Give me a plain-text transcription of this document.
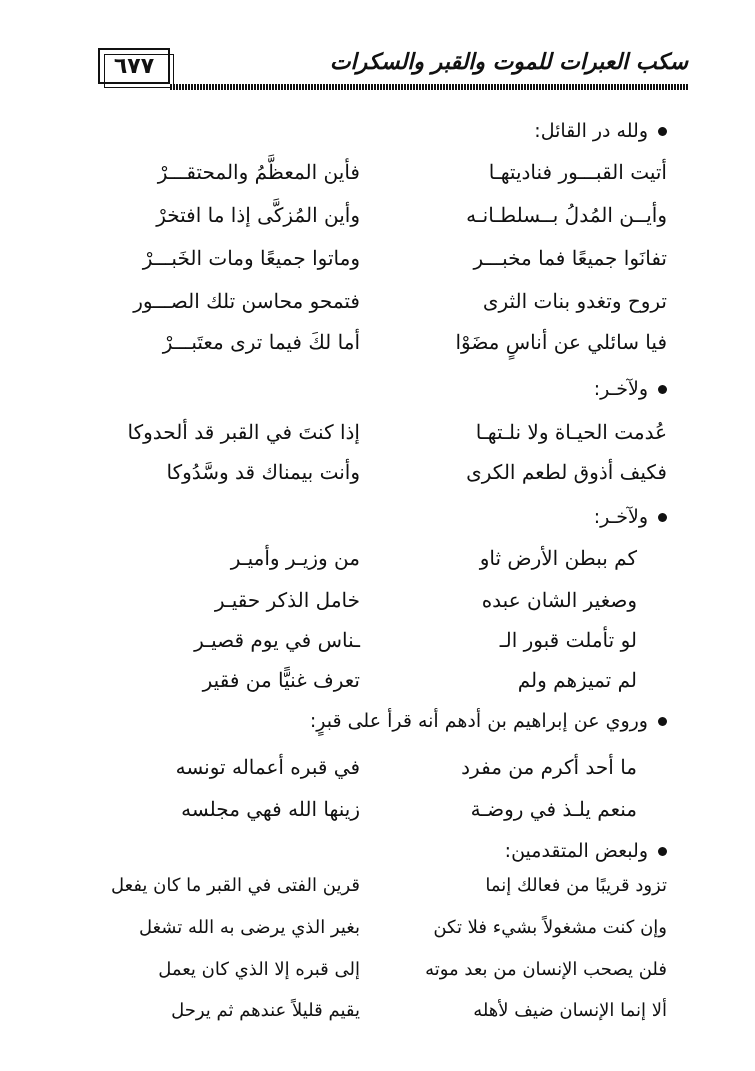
٦٧٧	سكب العبرات للموت والقبر والسكرات
ولله در القائل:
أتيت القبـــور فناديتهـا
فأين المعظَّمُ والمحتقـــرْ
وأيــن المُدلُ بــسلطـانـه
وأين المُزكَّى إذا ما افتخرْ
تفانَوا جميعًا فما مخبـــر
وماتوا جميعًا ومات الخَبـــرْ
تروح وتغدو بنات الثرى
فتمحو محاسن تلك الصـــور
فيا سائلي عن أناسٍ مضَوْا
أما لكَ فيما ترى معتَبـــرْ
ولآخـر:
عُدمت الحيـاة ولا نلـتهـا
إذا كنتَ في القبر قد ألحدوكا
فكيف أذوق لطعم الكرى
وأنت بيمناك قد وسَّدُوكا
ولآخـر:
كم ببطن الأرض ثاو
من وزيـر وأميـر
وصغير الشان عبده
خامل الذكر حقيـر
لو تأملت قبور الـ
ـناس في يوم قصيـر
لم تميزهم ولم
تعرف غنيًّا من فقير
وروي عن إبراهيم بن أدهم أنه قرأ على قبرٍ:
ما أحد أكرم من مفرد
في قبره أعماله تونسه
منعم يلـذ في روضـة
زينها الله فهي مجلسه
ولبعض المتقدمين:
تزود قريبًا من فعالك إنما
قرين الفتى في القبر ما كان يفعل
وإن كنت مشغولاً بشيء فلا تكن
بغير الذي يرضى به الله تشغل
فلن يصحب الإنسان من بعد موته
إلى قبره إلا الذي كان يعمل
ألا إنما الإنسان ضيف لأهله
يقيم قليلاً عندهم ثم يرحل
